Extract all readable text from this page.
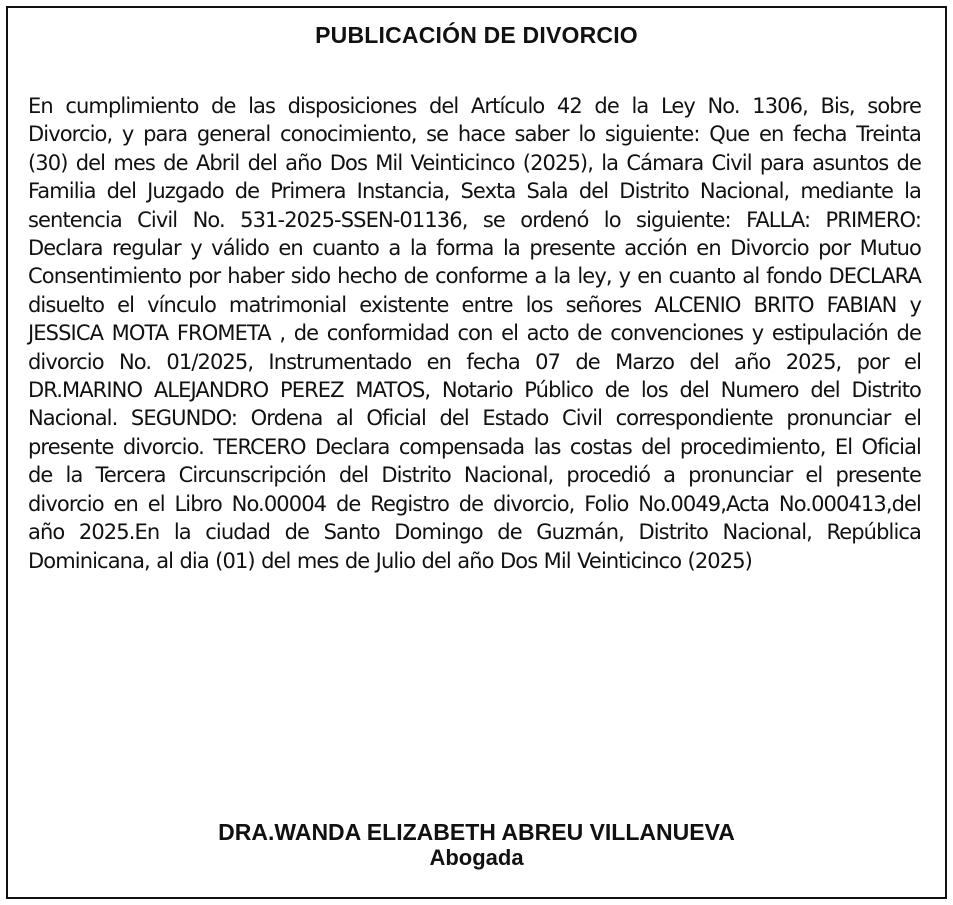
PUBLICACIÓN DE DIVORCIO

En cumplimiento de las disposiciones del Artículo 42 de la Ley No. 1306, Bis, sobre Divorcio, y para general conocimiento, se hace saber lo siguiente: Que en fecha Treinta (30) del mes de Abril del año Dos Mil Veinticinco (2025), la Cámara Civil para asuntos de Familia del Juzgado de Primera Instancia, Sexta Sala del Distrito Nacional, mediante la sentencia Civil No. 531-2025-SSEN-01136, se ordenó lo siguiente: FALLA: PRIMERO: Declara regular y válido en cuanto a la forma la presente acción en Divorcio por Mutuo Consentimiento por haber sido hecho de conforme a la ley, y en cuanto al fondo DECLARA disuelto el vínculo matrimonial existente entre los señores ALCENIO BRITO FABIAN y JESSICA MOTA FROMETA , de conformidad con el acto de convenciones y estipulación de divorcio No. 01/2025, Instrumentado en fecha 07 de Marzo del año 2025, por el DR.MARINO ALEJANDRO PEREZ MATOS, Notario Público de los del Numero del Distrito Nacional. SEGUNDO: Ordena al Oficial del Estado Civil correspondiente pronunciar el presente divorcio. TERCERO Declara compensada las costas del procedimiento, El Oficial de la Tercera Circunscripción del Distrito Nacional, procedió a pronunciar el presente divorcio en el Libro No.00004 de Registro de divorcio, Folio No.0049,Acta No.000413,del año 2025.En la ciudad de Santo Domingo de Guzmán, Distrito Nacional, República Dominicana, al dia (01) del mes de Julio del año Dos Mil Veinticinco (2025)

DRA.WANDA ELIZABETH ABREU VILLANUEVA
Abogada
